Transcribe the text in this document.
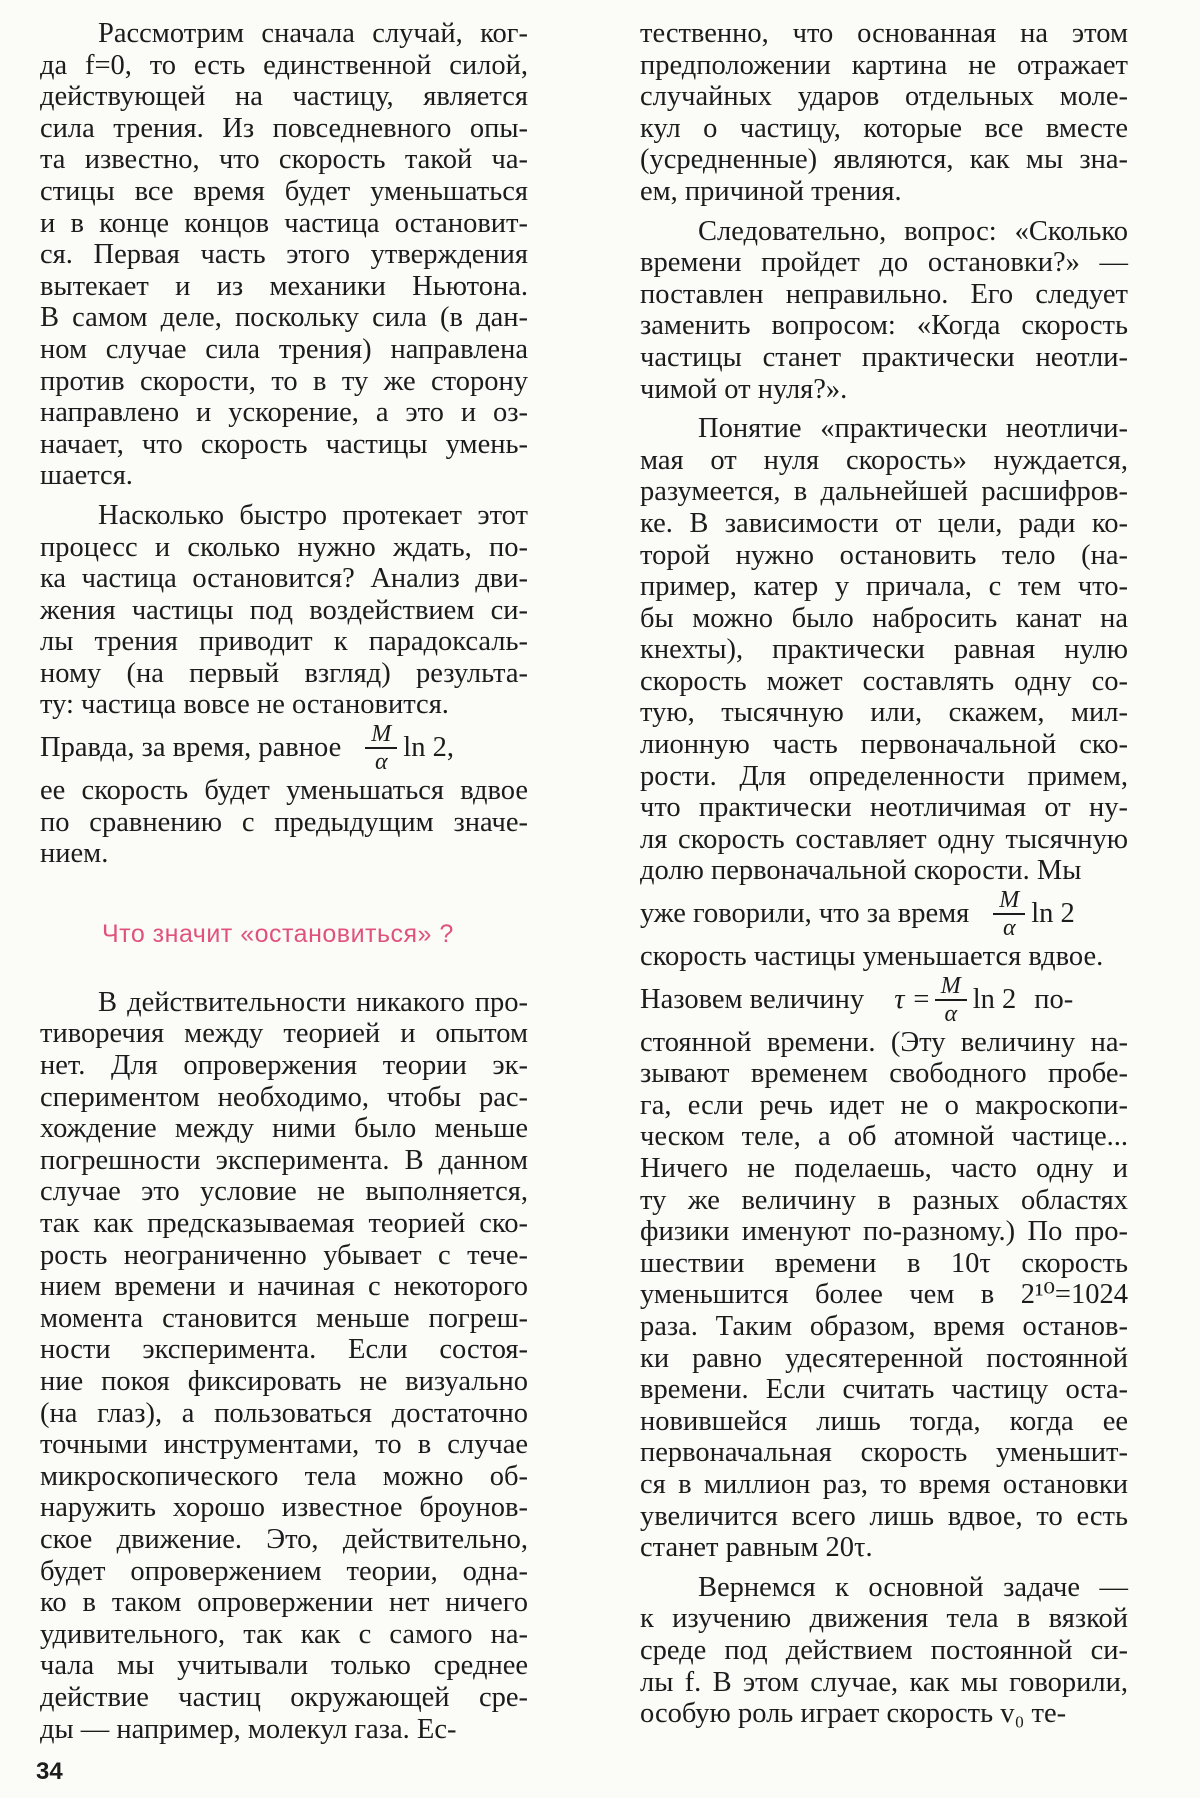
Рассмотрим сначала случай, ког-
да f=0, то есть единственной силой,
действующей на частицу, является
сила трения. Из повседневного опы-
та известно, что скорость такой ча-
стицы все время будет уменьшаться
и в конце концов частица остановит-
ся. Первая часть этого утверждения
вытекает и из механики Ньютона.
В самом деле, поскольку сила (в дан-
ном случае сила трения) направлена
против скорости, то в ту же сторону
направлено и ускорение, а это и оз-
начает, что скорость частицы умень-
шается.
Насколько быстро протекает этот
процесс и сколько нужно ждать, по-
ка частица остановится? Анализ дви-
жения частицы под воздействием си-
лы трения приводит к парадоксаль-
ному (на первый взгляд) результа-
ту: частица вовсе не остановится.
Правда, за время, равное $\frac{M}{\alpha}$ ln 2,
ее скорость будет уменьшаться вдвое
по сравнению с предыдущим значе-
нием.
Что значит «остановиться» ?
В действительности никакого про-
тиворечия между теорией и опытом
нет. Для опровержения теории эк-
спериментом необходимо, чтобы рас-
хождение между ними было меньше
погрешности эксперимента. В данном
случае это условие не выполняется,
так как предсказываемая теорией ско-
рость неограниченно убывает с тече-
нием времени и начиная с некоторого
момента становится меньше погреш-
ности эксперимента. Если состоя-
ние покоя фиксировать не визуально
(на глаз), а пользоваться достаточно
точными инструментами, то в случае
микроскопического тела можно об-
наружить хорошо известное броунов-
ское движение. Это, действительно,
будет опровержением теории, одна-
ко в таком опровержении нет ничего
удивительного, так как с самого на-
чала мы учитывали только среднее
действие частиц окружающей сре-
ды — например, молекул газа. Ес-
тественно, что основанная на этом
предположении картина не отражает
случайных ударов отдельных моле-
кул о частицу, которые все вместе
(усредненные) являются, как мы зна-
ем, причиной трения.
Следовательно, вопрос: «Сколько
времени пройдет до остановки?» —
поставлен неправильно. Его следует
заменить вопросом: «Когда скорость
частицы станет практически неотли-
чимой от нуля?».
Понятие «практически неотличи-
мая от нуля скорость» нуждается,
разумеется, в дальнейшей расшифров-
ке. В зависимости от цели, ради ко-
торой нужно остановить тело (на-
пример, катер у причала, с тем что-
бы можно было набросить канат на
кнехты), практически равная нулю
скорость может составлять одну со-
тую, тысячную или, скажем, мил-
лионную часть первоначальной ско-
рости. Для определенности примем,
что практически неотличимая от ну-
ля скорость составляет одну тысячную
долю первоначальной скорости. Мы
уже говорили, что за время $\frac{M}{\alpha}$ ln 2
скорость частицы уменьшается вдвое.
Назовем величину $\tau = \frac{M}{\alpha}$ ln 2 по-
стоянной времени. (Эту величину на-
зывают временем свободного пробе-
га, если речь идет не о макроскопи-
ческом теле, а об атомной частице...
Ничего не поделаешь, часто одну и
ту же величину в разных областях
физики именуют по-разному.) По про-
шествии времени в 10τ скорость
уменьшится более чем в 2¹⁰=1024
раза. Таким образом, время останов-
ки равно удесятеренной постоянной
времени. Если считать частицу оста-
новившейся лишь тогда, когда ее
первоначальная скорость уменьшит-
ся в миллион раз, то время остановки
увеличится всего лишь вдвое, то есть
станет равным 20τ.
Вернемся к основной задаче —
к изучению движения тела в вязкой
среде под действием постоянной си-
лы f. В этом случае, как мы говорили,
особую роль играет скорость v₀ те-
34
